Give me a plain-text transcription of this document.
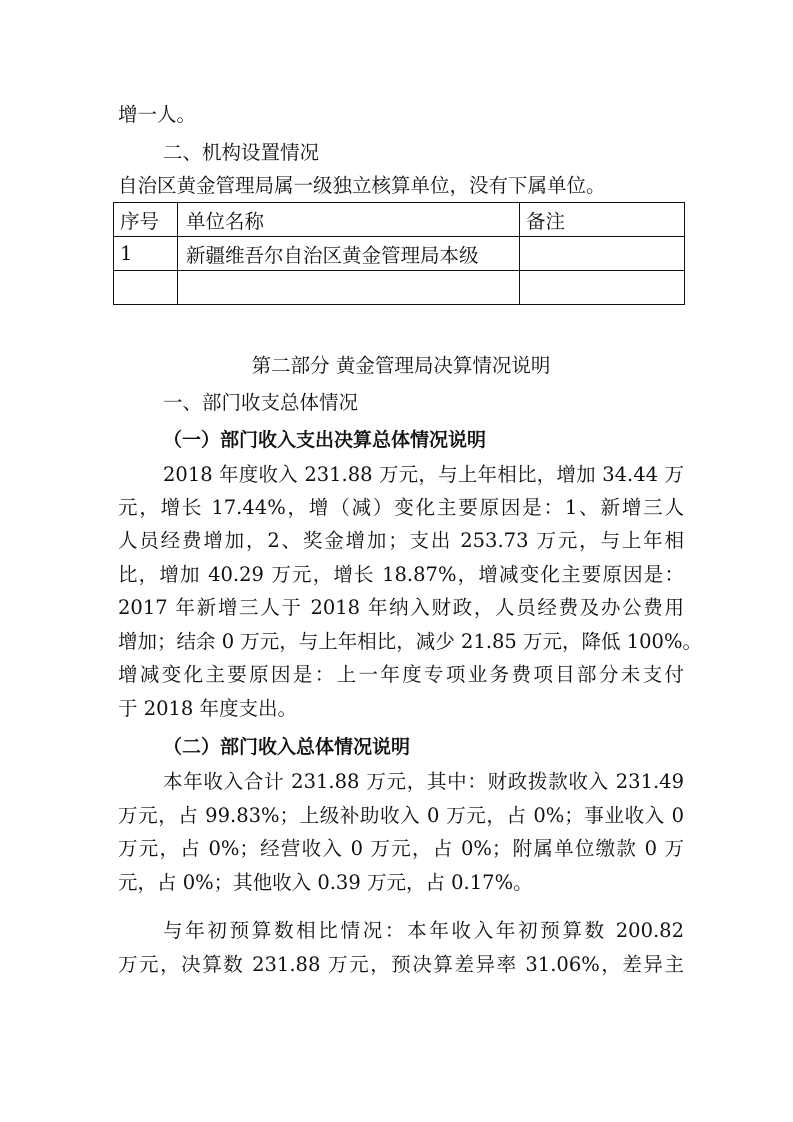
增一人。
二、机构设置情况
自治区黄金管理局属一级独立核算单位，没有下属单位。
序号	单位名称	备注
1	新疆维吾尔自治区黄金管理局本级	

第二部分 黄金管理局决算情况说明
一、部门收支总体情况
（一）部门收入支出决算总体情况说明
2018 年度收入 231.88 万元，与上年相比，增加 34.44 万
元，增长 17.44%，增（减）变化主要原因是：1、新增三人
人员经费增加，2、奖金增加；支出 253.73 万元，与上年相
比，增加 40.29 万元，增长 18.87%，增减变化主要原因是：
2017 年新增三人于 2018 年纳入财政，人员经费及办公费用
增加；结余 0 万元，与上年相比，减少 21.85 万元，降低 100%。
增减变化主要原因是：上一年度专项业务费项目部分未支付
于 2018 年度支出。
（二）部门收入总体情况说明
本年收入合计 231.88 万元，其中：财政拨款收入 231.49
万元，占 99.83%；上级补助收入 0 万元，占 0%；事业收入 0
万元，占 0%；经营收入 0 万元，占 0%；附属单位缴款 0 万
元，占 0%；其他收入 0.39 万元，占 0.17%。
与年初预算数相比情况：本年收入年初预算数 200.82
万元，决算数 231.88 万元，预决算差异率 31.06%，差异主
